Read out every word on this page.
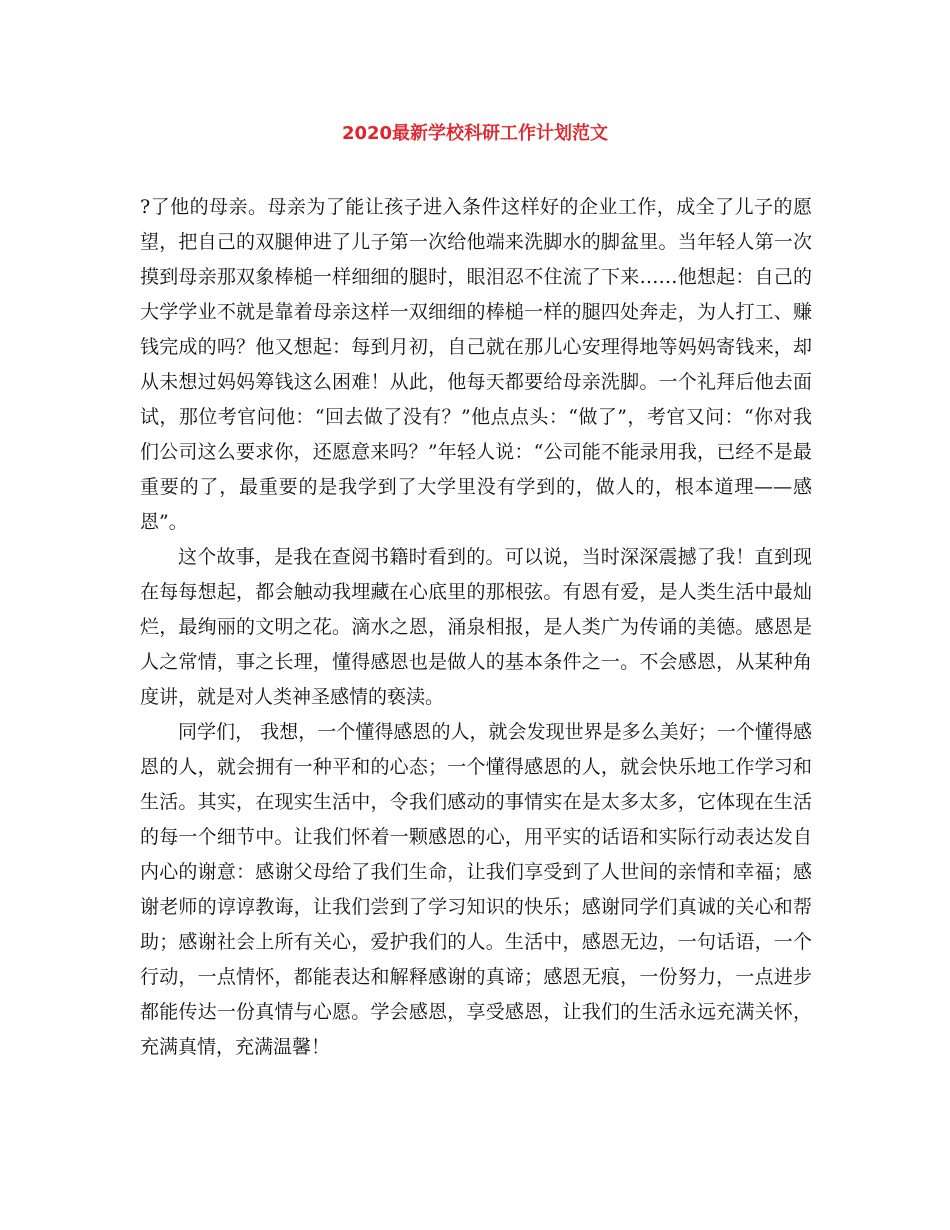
2020最新学校科研工作计划范文

?了他的母亲。母亲为了能让孩子进入条件这样好的企业工作，成全了儿子的愿望，把自己的双腿伸进了儿子第一次给他端来洗脚水的脚盆里。当年轻人第一次摸到母亲那双象棒槌一样细细的腿时，眼泪忍不住流了下来……他想起：自己的大学学业不就是靠着母亲这样一双细细的棒槌一样的腿四处奔走，为人打工、赚钱完成的吗？他又想起：每到月初，自己就在那儿心安理得地等妈妈寄钱来，却从未想过妈妈筹钱这么困难！从此，他每天都要给母亲洗脚。一个礼拜后他去面试，那位考官问他：“回去做了没有？”他点点头：“做了”，考官又问：“你对我们公司这么要求你，还愿意来吗？”年轻人说：“公司能不能录用我，已经不是最重要的了，最重要的是我学到了大学里没有学到的，做人的，根本道理——感恩”。

这个故事，是我在查阅书籍时看到的。可以说，当时深深震撼了我！直到现在每每想起，都会触动我埋藏在心底里的那根弦。有恩有爱，是人类生活中最灿烂，最绚丽的文明之花。滴水之恩，涌泉相报，是人类广为传诵的美德。感恩是人之常情，事之长理，懂得感恩也是做人的基本条件之一。不会感恩，从某种角度讲，就是对人类神圣感情的亵渎。

同学们， 我想，一个懂得感恩的人，就会发现世界是多么美好；一个懂得感恩的人，就会拥有一种平和的心态；一个懂得感恩的人，就会快乐地工作学习和生活。其实，在现实生活中，令我们感动的事情实在是太多太多，它体现在生活的每一个细节中。让我们怀着一颗感恩的心，用平实的话语和实际行动表达发自内心的谢意：感谢父母给了我们生命，让我们享受到了人世间的亲情和幸福；感谢老师的谆谆教诲，让我们尝到了学习知识的快乐；感谢同学们真诚的关心和帮助；感谢社会上所有关心，爱护我们的人。生活中，感恩无边，一句话语，一个行动，一点情怀，都能表达和解释感谢的真谛；感恩无痕，一份努力，一点进步都能传达一份真情与心愿。学会感恩，享受感恩，让我们的生活永远充满关怀，充满真情，充满温馨！
